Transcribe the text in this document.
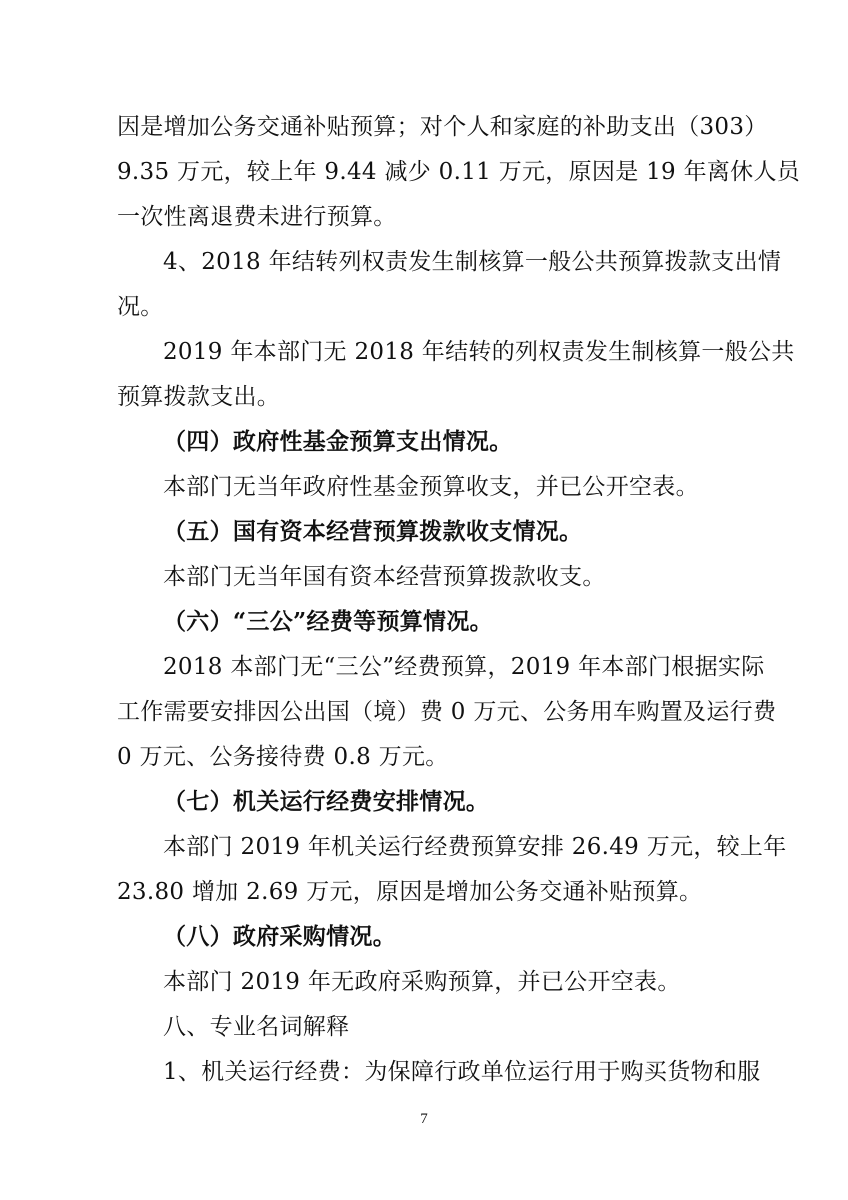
因是增加公务交通补贴预算；对个人和家庭的补助支出（303）
9.35 万元，较上年 9.44 减少 0.11 万元，原因是 19 年离休人员
一次性离退费未进行预算。
4、2018 年结转列权责发生制核算一般公共预算拨款支出情
况。
2019 年本部门无 2018 年结转的列权责发生制核算一般公共
预算拨款支出。
（四）政府性基金预算支出情况。
本部门无当年政府性基金预算收支，并已公开空表。
（五）国有资本经营预算拨款收支情况。
本部门无当年国有资本经营预算拨款收支。
（六）“三公”经费等预算情况。
2018 本部门无“三公”经费预算，2019 年本部门根据实际
工作需要安排因公出国（境）费 0 万元、公务用车购置及运行费
0 万元、公务接待费 0.8 万元。
（七）机关运行经费安排情况。
本部门 2019 年机关运行经费预算安排 26.49 万元，较上年
23.80 增加 2.69 万元，原因是增加公务交通补贴预算。
（八）政府采购情况。
本部门 2019 年无政府采购预算，并已公开空表。
八、专业名词解释
1、机关运行经费：为保障行政单位运行用于购买货物和服
7
